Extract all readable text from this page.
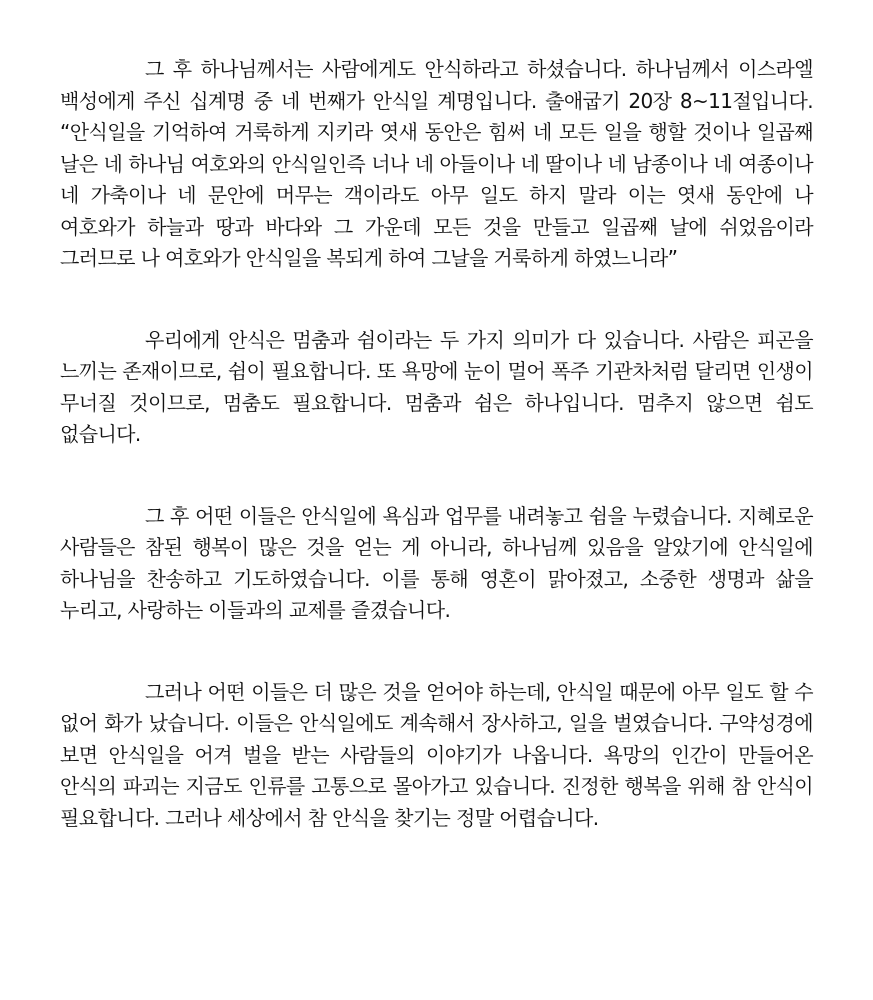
그 후 하나님께서는 사람에게도 안식하라고 하셨습니다. 하나님께서 이스라엘 백성에게 주신 십계명 중 네 번째가 안식일 계명입니다. 출애굽기 20장 8~11절입니다. “안식일을 기억하여 거룩하게 지키라 엿새 동안은 힘써 네 모든 일을 행할 것이나 일곱째 날은 네 하나님 여호와의 안식일인즉 너나 네 아들이나 네 딸이나 네 남종이나 네 여종이나 네 가축이나 네 문안에 머무는 객이라도 아무 일도 하지 말라 이는 엿새 동안에 나 여호와가 하늘과 땅과 바다와 그 가운데 모든 것을 만들고 일곱째 날에 쉬었음이라 그러므로 나 여호와가 안식일을 복되게 하여 그날을 거룩하게 하였느니라”

우리에게 안식은 멈춤과 쉼이라는 두 가지 의미가 다 있습니다. 사람은 피곤을 느끼는 존재이므로, 쉼이 필요합니다. 또 욕망에 눈이 멀어 폭주 기관차처럼 달리면 인생이 무너질 것이므로, 멈춤도 필요합니다. 멈춤과 쉼은 하나입니다. 멈추지 않으면 쉼도 없습니다.

그 후 어떤 이들은 안식일에 욕심과 업무를 내려놓고 쉼을 누렸습니다. 지혜로운 사람들은 참된 행복이 많은 것을 얻는 게 아니라, 하나님께 있음을 알았기에 안식일에 하나님을 찬송하고 기도하였습니다. 이를 통해 영혼이 맑아졌고, 소중한 생명과 삶을 누리고, 사랑하는 이들과의 교제를 즐겼습니다.

그러나 어떤 이들은 더 많은 것을 얻어야 하는데, 안식일 때문에 아무 일도 할 수 없어 화가 났습니다. 이들은 안식일에도 계속해서 장사하고, 일을 벌였습니다. 구약성경에 보면 안식일을 어겨 벌을 받는 사람들의 이야기가 나옵니다. 욕망의 인간이 만들어온 안식의 파괴는 지금도 인류를 고통으로 몰아가고 있습니다. 진정한 행복을 위해 참 안식이 필요합니다. 그러나 세상에서 참 안식을 찾기는 정말 어렵습니다.
